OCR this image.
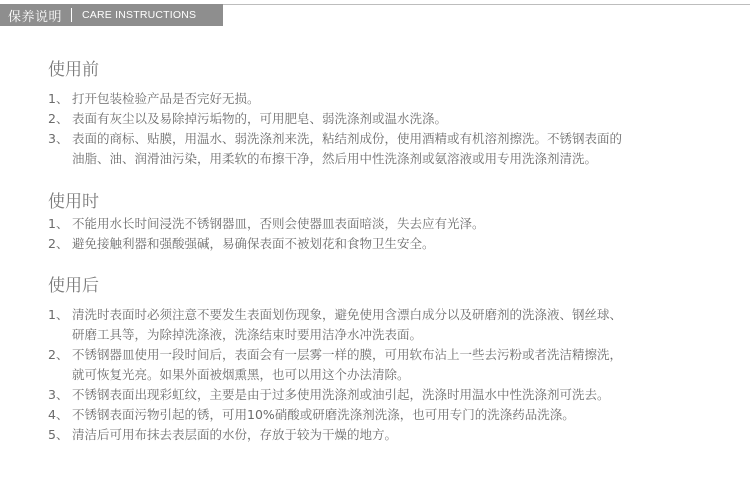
保养说明 CARE INSTRUCTIONS
使用前
1、 打开包装检验产品是否完好无损。
2、 表面有灰尘以及易除掉污垢物的，可用肥皂、弱洗涤剂或温水洗涤。
3、 表面的商标、贴膜，用温水、弱洗涤剂来洗，粘结剂成份，使用酒精或有机溶剂擦洗。不锈钢表面的
油脂、油、润滑油污染，用柔软的布擦干净，然后用中性洗涤剂或氨溶液或用专用洗涤剂清洗。
使用时
1、 不能用水长时间浸洗不锈钢器皿，否则会使器皿表面暗淡，失去应有光泽。
2、 避免接触利器和强酸强碱，易确保表面不被划花和食物卫生安全。
使用后
1、 清洗时表面时必须注意不要发生表面划伤现象，避免使用含漂白成分以及研磨剂的洗涤液、钢丝球、
研磨工具等，为除掉洗涤液，洗涤结束时要用洁净水冲洗表面。
2、 不锈钢器皿使用一段时间后，表面会有一层雾一样的膜，可用软布沾上一些去污粉或者洗洁精擦洗，
就可恢复光亮。如果外面被烟熏黑，也可以用这个办法清除。
3、 不锈钢表面出现彩虹纹，主要是由于过多使用洗涤剂或油引起，洗涤时用温水中性洗涤剂可洗去。
4、 不锈钢表面污物引起的锈，可用10%硝酸或研磨洗涤剂洗涤，也可用专门的洗涤药品洗涤。
5、 清洁后可用布抹去表层面的水份，存放于较为干燥的地方。
